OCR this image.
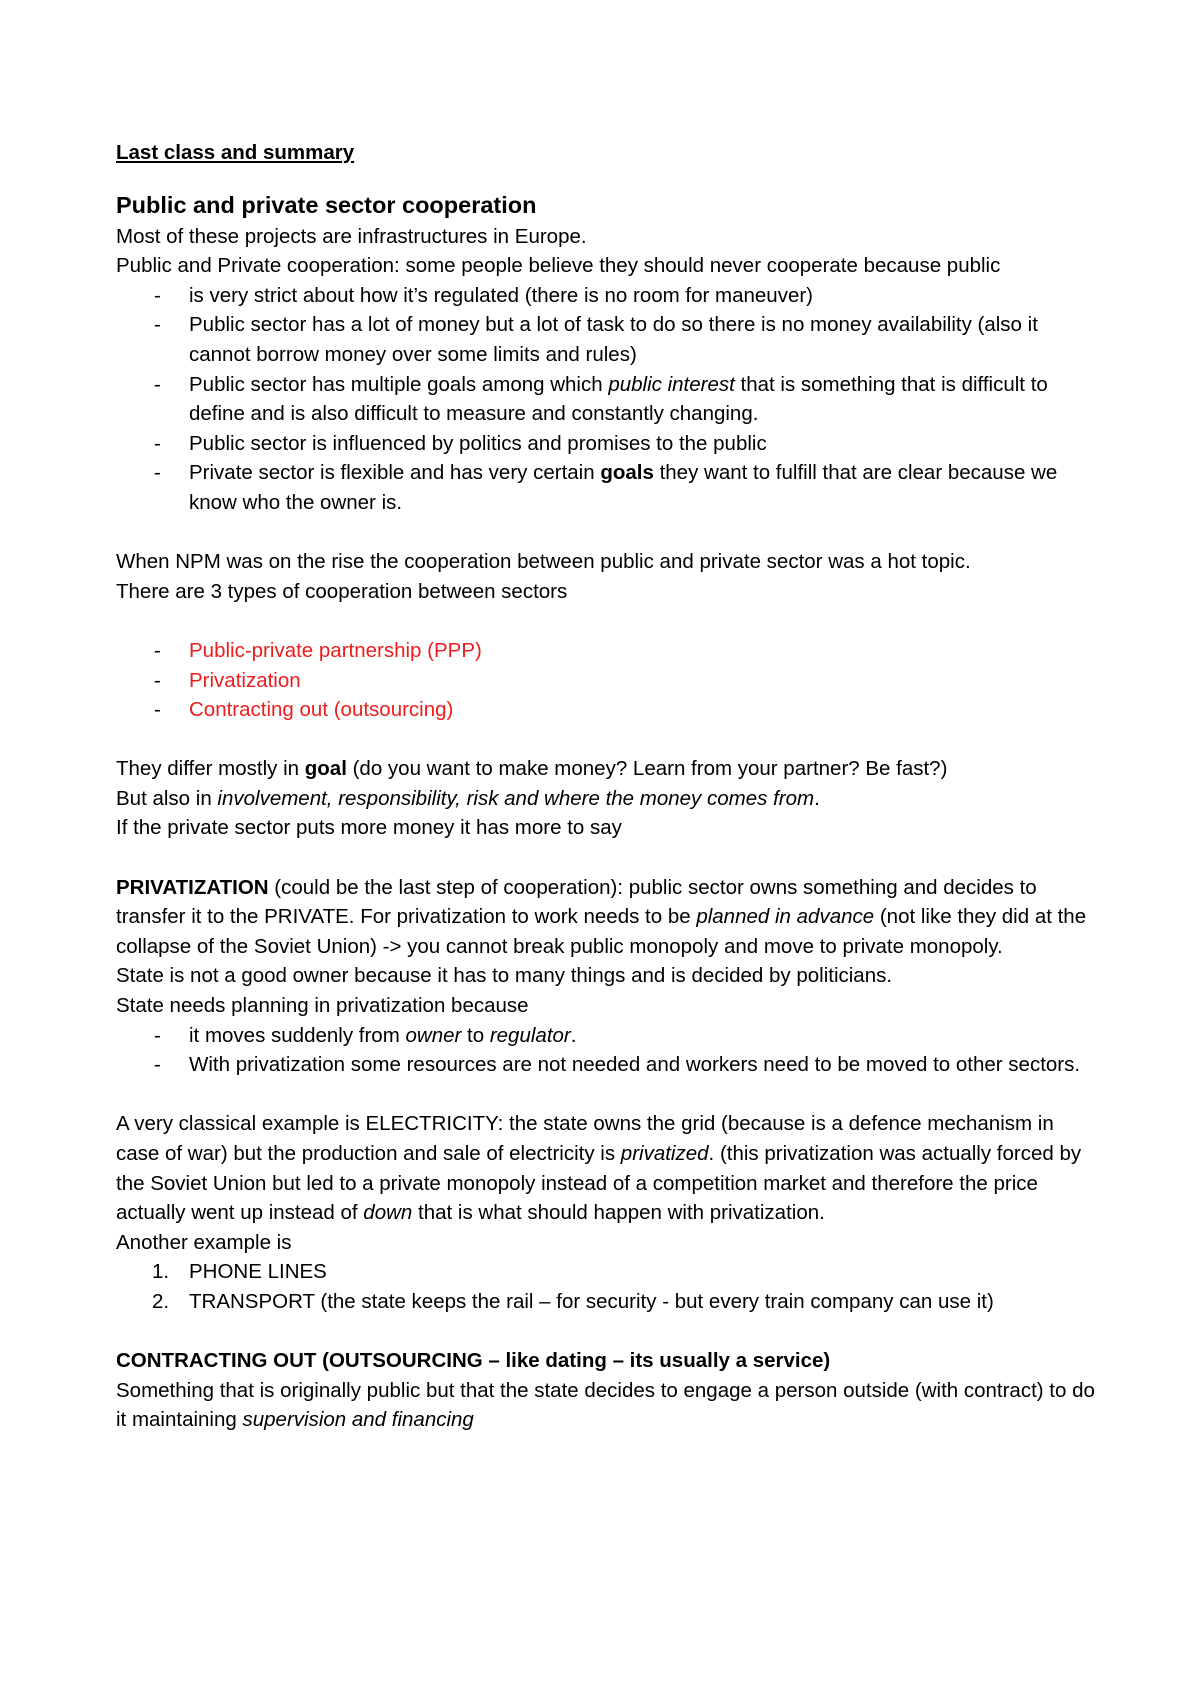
Last class and summary

Public and private sector cooperation

Most of these projects are infrastructures in Europe.

Public and Private cooperation: some people believe they should never cooperate because public

- is very strict about how it’s regulated (there is no room for maneuver)
- Public sector has a lot of money but a lot of task to do so there is no money availability (also it cannot borrow money over some limits and rules)
- Public sector has multiple goals among which public interest that is something that is difficult to define and is also difficult to measure and constantly changing.
- Public sector is influenced by politics and promises to the public
- Private sector is flexible and has very certain goals they want to fulfill that are clear because we know who the owner is.

When NPM was on the rise the cooperation between public and private sector was a hot topic.

There are 3 types of cooperation between sectors

- Public-private partnership (PPP)
- Privatization
- Contracting out (outsourcing)

They differ mostly in goal (do you want to make money? Learn from your partner? Be fast?)

But also in involvement, responsibility, risk and where the money comes from.

If the private sector puts more money it has more to say

PRIVATIZATION (could be the last step of cooperation): public sector owns something and decides to transfer it to the PRIVATE. For privatization to work needs to be planned in advance (not like they did at the collapse of the Soviet Union) -> you cannot break public monopoly and move to private monopoly.

State is not a good owner because it has to many things and is decided by politicians.

State needs planning in privatization because

- it moves suddenly from owner to regulator.
- With privatization some resources are not needed and workers need to be moved to other sectors.

A very classical example is ELECTRICITY: the state owns the grid (because is a defence mechanism in case of war) but the production and sale of electricity is privatized. (this privatization was actually forced by the Soviet Union but led to a private monopoly instead of a competition market and therefore the price actually went up instead of down that is what should happen with privatization.

Another example is

1. PHONE LINES
2. TRANSPORT (the state keeps the rail – for security - but every train company can use it)

CONTRACTING OUT (OUTSOURCING – like dating – its usually a service)

Something that is originally public but that the state decides to engage a person outside (with contract) to do it maintaining supervision and financing
